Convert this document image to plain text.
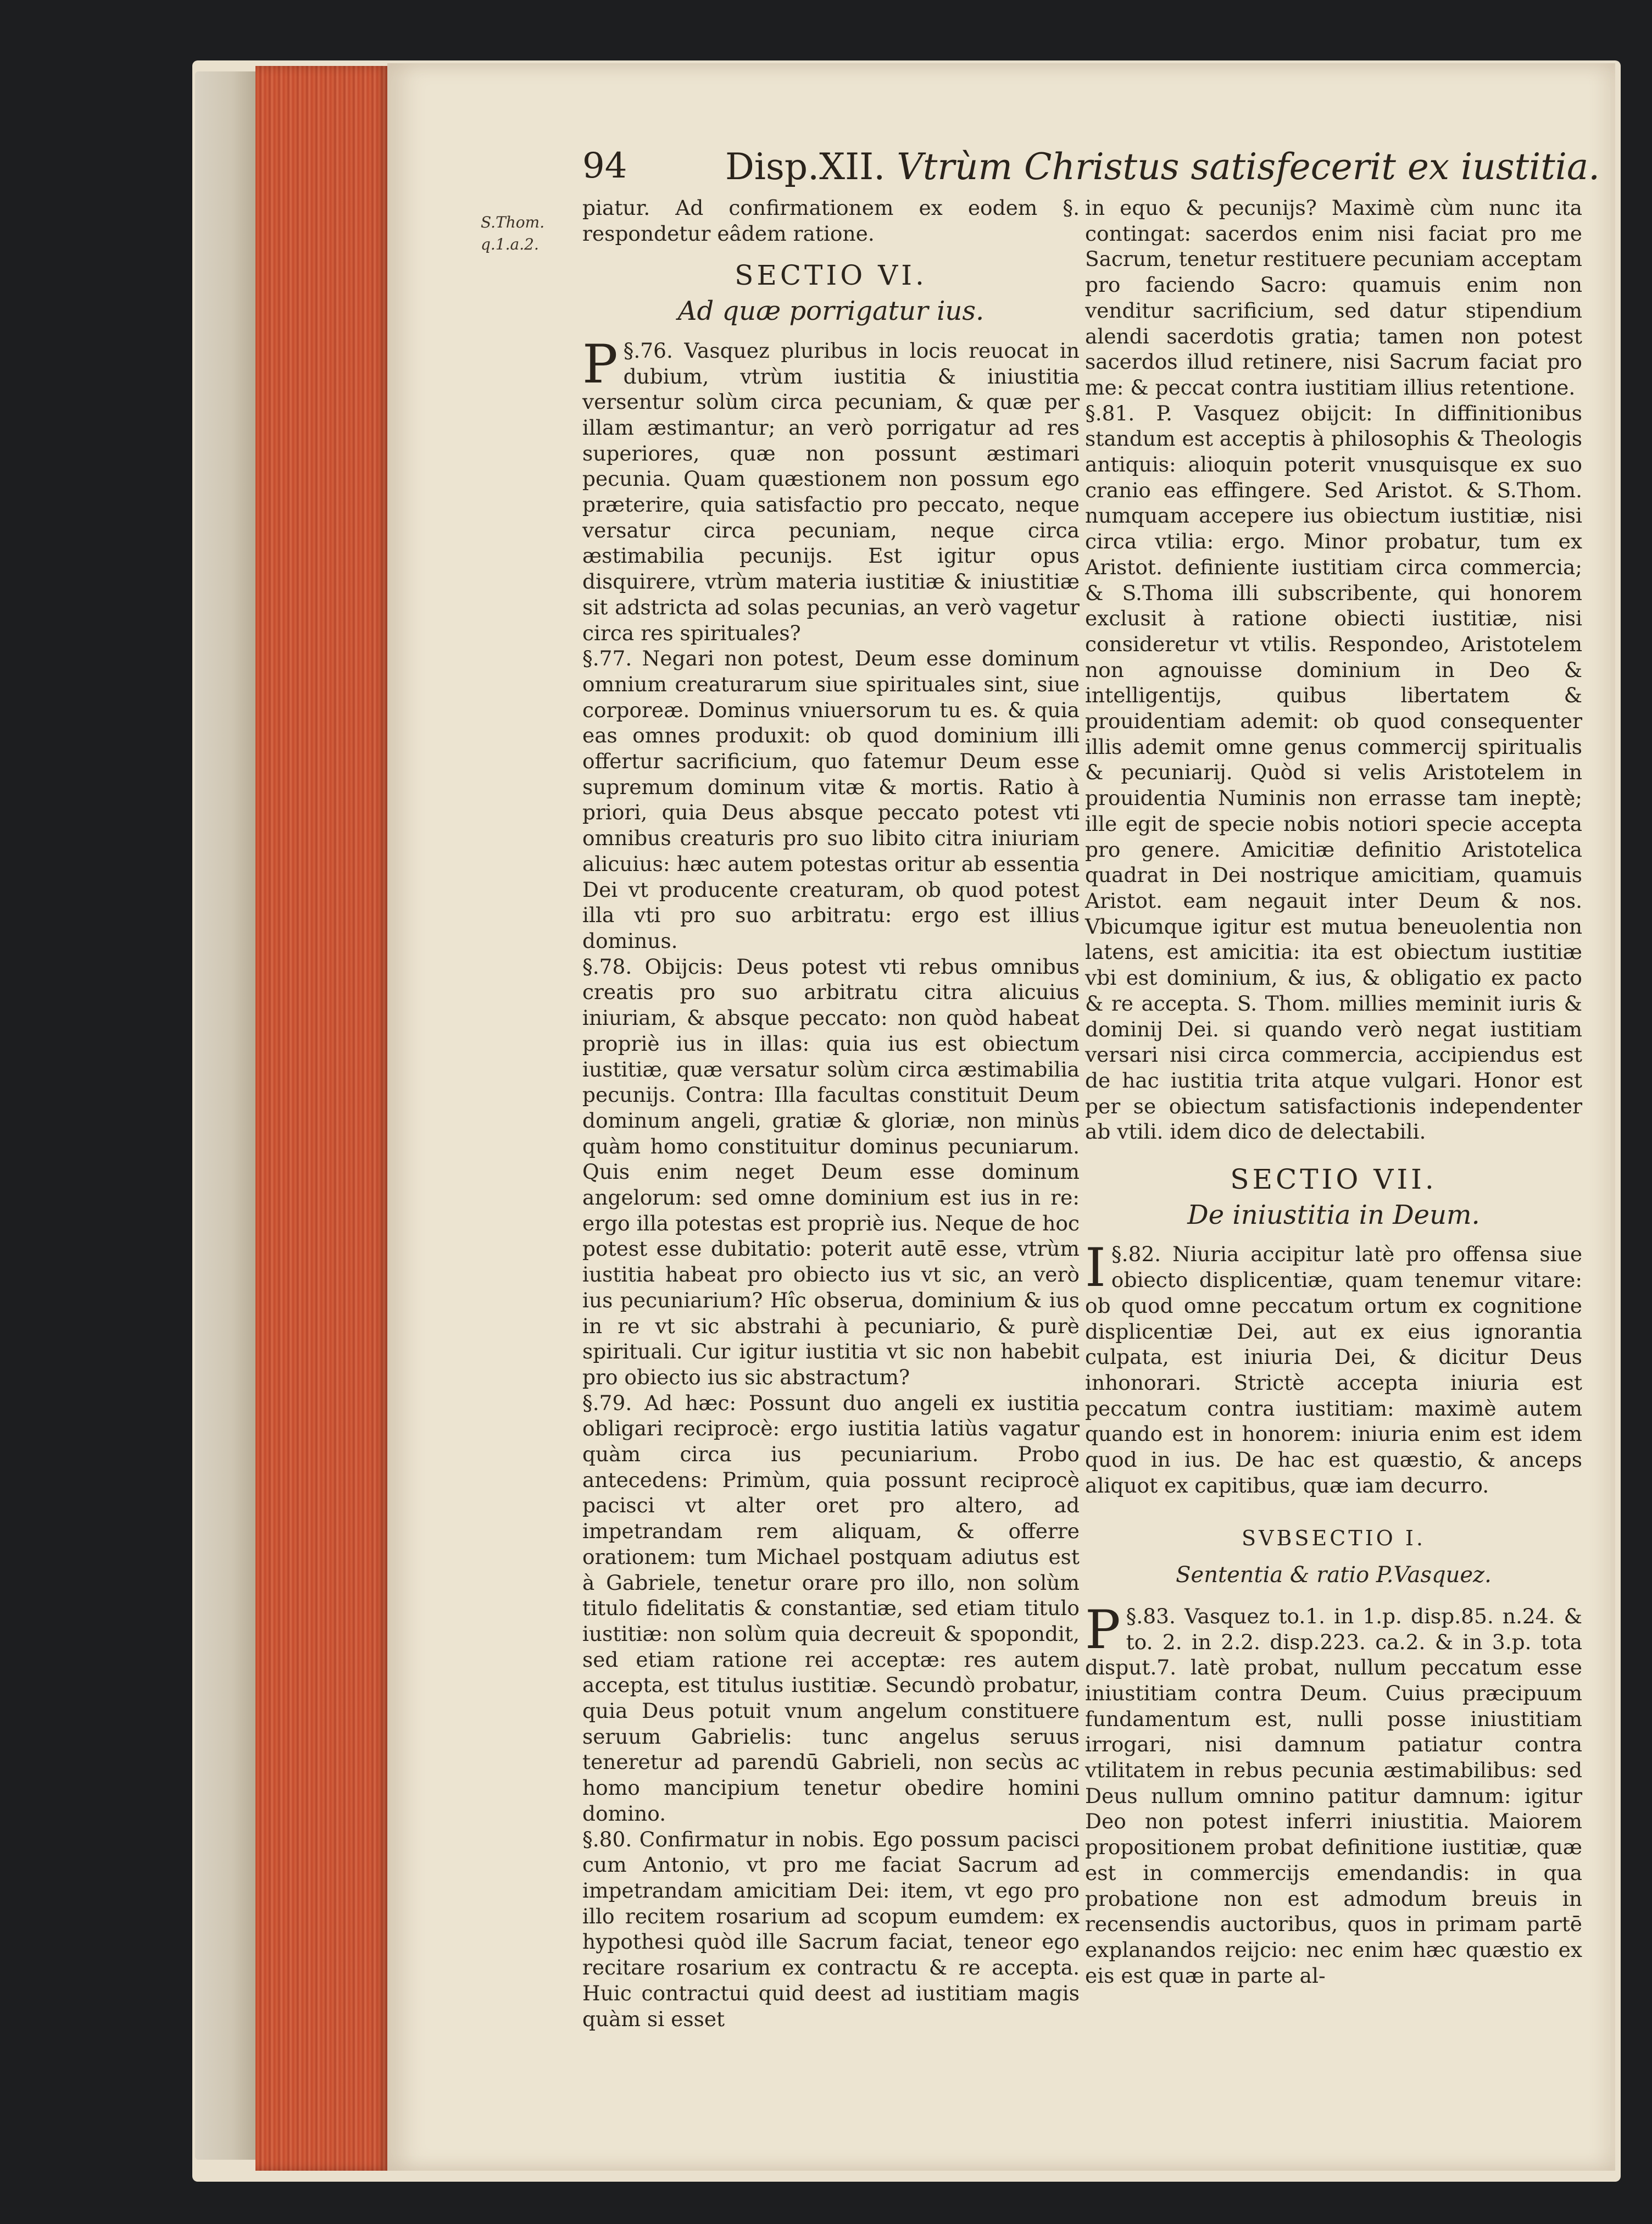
94	Disp.XII. Vtrùm Christus satisfecerit ex iustitia.
S.Thom. q.1.a.2.

piatur. Ad confirmationem ex eodem §. respondetur eâdem ratione.

SECTIO VI.
Ad quæ porrigatur ius.

§.76.
P	Vasquez pluribus in locis reuocat in dubium, vtrùm iustitia & iniustitia versentur solùm circa pecuniam, & quæ per illam æstimantur; an verò porrigatur ad res superiores, quæ non possunt æstimari pecunia. Quam quæstionem non possum ego præterire, quia satisfactio pro peccato, neque versatur circa pecuniam, neque circa æstimabilia pecunijs. Est igitur opus disquirere, vtrùm materia iustitiæ & iniustitiæ sit adstricta ad solas pecunias, an verò vagetur circa res spirituales?

§.77. Negari non potest, Deum esse dominum omnium creaturarum siue spirituales sint, siue corporeæ. Dominus vniuersorum tu es. & quia eas omnes produxit: ob quod dominium illi offertur sacrificium, quo fatemur Deum esse supremum dominum vitæ & mortis. Ratio à priori, quia Deus absque peccato potest vti omnibus creaturis pro suo libito citra iniuriam alicuius: hæc autem potestas oritur ab essentia Dei vt producente creaturam, ob quod potest illa vti pro suo arbitratu: ergo est illius dominus.

§.78. Obijcis: Deus potest vti rebus omnibus creatis pro suo arbitratu citra alicuius iniuriam, & absque peccato: non quòd habeat propriè ius in illas: quia ius est obiectum iustitiæ, quæ versatur solùm circa æstimabilia pecunijs. Contra: Illa facultas constituit Deum dominum angeli, gratiæ & gloriæ, non minùs quàm homo constituitur dominus pecuniarum. Quis enim neget Deum esse dominum angelorum: sed omne dominium est ius in re: ergo illa potestas est propriè ius. Neque de hoc potest esse dubitatio: poterit autē esse, vtrùm iustitia habeat pro obiecto ius vt sic, an verò ius pecuniarium? Hîc obserua, dominium & ius in re vt sic abstrahi à pecuniario, & purè spirituali. Cur igitur iustitia vt sic non habebit pro obiecto ius sic abstractum?

§.79. Ad hæc: Possunt duo angeli ex iustitia obligari reciprocè: ergo iustitia latiùs vagatur quàm circa ius pecuniarium. Probo antecedens: Primùm, quia possunt reciprocè pacisci vt alter oret pro altero, ad impetrandam rem aliquam, & offerre orationem: tum Michael postquam adiutus est à Gabriele, tenetur orare pro illo, non solùm titulo fidelitatis & constantiæ, sed etiam titulo iustitiæ: non solùm quia decreuit & spopondit, sed etiam ratione rei acceptæ: res autem accepta, est titulus iustitiæ. Secundò probatur, quia Deus potuit vnum angelum constituere seruum Gabrielis: tunc angelus seruus teneretur ad parendū Gabrieli, non secùs ac homo mancipium tenetur obedire homini domino.

§.80. Confirmatur in nobis. Ego possum pacisci cum Antonio, vt pro me faciat Sacrum ad impetrandam amicitiam Dei: item, vt ego pro illo recitem rosarium ad scopum eumdem: ex hypothesi quòd ille Sacrum faciat, teneor ego recitare rosarium ex contractu & re accepta. Huic contractui quid deest ad iustitiam magis quàm si esset

in equo & pecunijs? Maximè cùm nunc ita contingat: sacerdos enim nisi faciat pro me Sacrum, tenetur restituere pecuniam acceptam pro faciendo Sacro: quamuis enim non venditur sacrificium, sed datur stipendium alendi sacerdotis gratia; tamen non potest sacerdos illud retinere, nisi Sacrum faciat pro me: & peccat contra iustitiam illius retentione.

§.81. P. Vasquez obijcit: In diffinitionibus standum est acceptis à philosophis & Theologis antiquis: alioquin poterit vnusquisque ex suo cranio eas effingere. Sed Aristot. & S.Thom. numquam accepere ius obiectum iustitiæ, nisi circa vtilia: ergo. Minor probatur, tum ex Aristot. definiente iustitiam circa commercia; & S.Thoma illi subscribente, qui honorem exclusit à ratione obiecti iustitiæ, nisi consideretur vt vtilis. Respondeo, Aristotelem non agnouisse dominium in Deo & intelligentijs, quibus libertatem & prouidentiam ademit: ob quod consequenter illis ademit omne genus commercij spiritualis & pecuniarij. Quòd si velis Aristotelem in prouidentia Numinis non errasse tam ineptè; ille egit de specie nobis notiori specie accepta pro genere. Amicitiæ definitio Aristotelica quadrat in Dei nostrique amicitiam, quamuis Aristot. eam negauit inter Deum & nos. Vbicumque igitur est mutua beneuolentia non latens, est amicitia: ita est obiectum iustitiæ vbi est dominium, & ius, & obligatio ex pacto & re accepta. S. Thom. millies meminit iuris & dominij Dei. si quando verò negat iustitiam versari nisi circa commercia, accipiendus est de hac iustitia trita atque vulgari. Honor est per se obiectum satisfactionis independenter ab vtili. idem dico de delectabili.

SECTIO VII.
De iniustitia in Deum.

§.82.
I	Niuria accipitur latè pro offensa siue obiecto displicentiæ, quam tenemur vitare: ob quod omne peccatum ortum ex cognitione displicentiæ Dei, aut ex eius ignorantia culpata, est iniuria Dei, & dicitur Deus inhonorari. Strictè accepta iniuria est peccatum contra iustitiam: maximè autem quando est in honorem: iniuria enim est idem quod in ius. De hac est quæstio, & anceps aliquot ex capitibus, quæ iam decurro.

SVBSECTIO I.
Sententia & ratio P.Vasquez.

§.83.
P	Vasquez to.1. in 1.p. disp.85. n.24. & to. 2. in 2.2. disp.223. ca.2. & in 3.p. tota disput.7. latè probat, nullum peccatum esse iniustitiam contra Deum. Cuius præcipuum fundamentum est, nulli posse iniustitiam irrogari, nisi damnum patiatur contra vtilitatem in rebus pecunia æstimabilibus: sed Deus nullum omnino patitur damnum: igitur Deo non potest inferri iniustitia. Maiorem propositionem probat definitione iustitiæ, quæ est in commercijs emendandis: in qua probatione non est admodum breuis in recensendis auctoribus, quos in primam partē explanandos reijcio: nec enim hæc quæstio ex eis est quæ in parte al-
